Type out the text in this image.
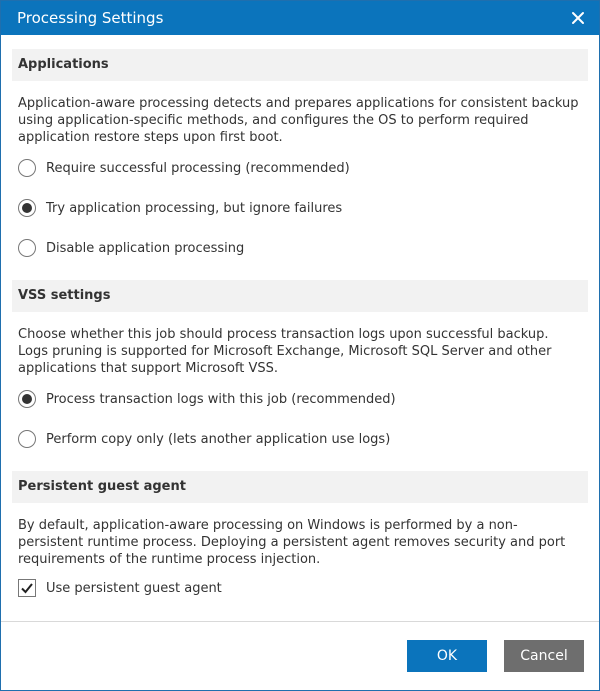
Processing Settings
Applications
Application-aware processing detects and prepares applications for consistent backup using application-specific methods, and configures the OS to perform required application restore steps upon first boot.
Require successful processing (recommended)
Try application processing, but ignore failures
Disable application processing
VSS settings
Choose whether this job should process transaction logs upon successful backup. Logs pruning is supported for Microsoft Exchange, Microsoft SQL Server and other applications that support Microsoft VSS.
Process transaction logs with this job (recommended)
Perform copy only (lets another application use logs)
Persistent guest agent
By default, application-aware processing on Windows is performed by a non-persistent runtime process. Deploying a persistent agent removes security and port requirements of the runtime process injection.
Use persistent guest agent
OK	Cancel
